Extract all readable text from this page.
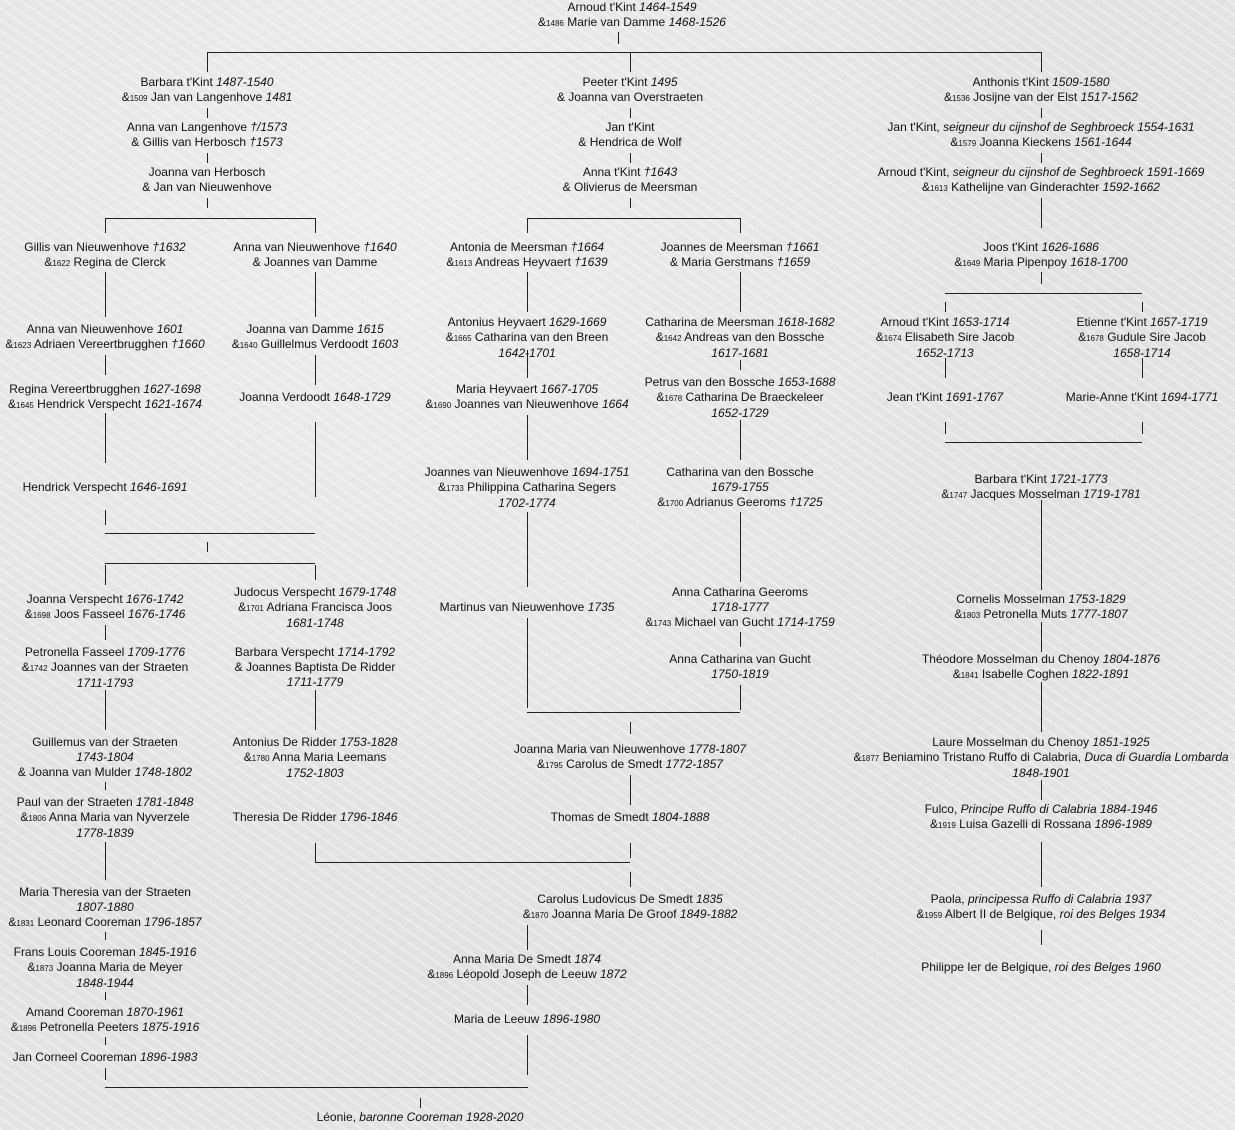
Arnoud t'Kint 1464-1549
&1486 Marie van Damme 1468-1526
Barbara t'Kint 1487-1540
&1509 Jan van Langenhove 1481
Anna van Langenhove †/1573
& Gillis van Herbosch †1573
Joanna van Herbosch
& Jan van Nieuwenhove
Gillis van Nieuwenhove †1632
&1622 Regina de Clerck
Anna van Nieuwenhove †1640
& Joannes van Damme
Anna van Nieuwenhove 1601
&1623 Adriaen Vereertbrugghen †1660
Joanna van Damme 1615
&1640 Guillelmus Verdoodt 1603
Regina Vereertbrugghen 1627-1698
&1645 Hendrick Verspecht 1621-1674	Joanna Verdoodt 1648-1729
Hendrick Verspecht 1646-1691
Joanna Verspecht 1676-1742
&1698 Joos Fasseel 1676-1746
Judocus Verspecht 1679-1748
&1701 Adriana Francisca Joos
1681-1748
Petronella Fasseel 1709-1776
&1742 Joannes van der Straeten
1711-1793
Barbara Verspecht 1714-1792
& Joannes Baptista De Ridder
1711-1779
Guillemus van der Straeten
1743-1804
& Joanna van Mulder 1748-1802
Antonius De Ridder 1753-1828
&1780 Anna Maria Leemans
1752-1803
Paul van der Straeten 1781-1848
&1806 Anna Maria van Nyverzele
1778-1839
Theresia De Ridder 1796-1846
Maria Theresia van der Straeten
1807-1880
&1831 Leonard Cooreman 1796-1857
Frans Louis Cooreman 1845-1916
&1873 Joanna Maria de Meyer
1848-1944
Amand Cooreman 1870-1961
&1896 Petronella Peeters 1875-1916
Jan Corneel Cooreman 1896-1983
Peeter t'Kint 1495
& Joanna van Overstraeten
Jan t'Kint
& Hendrica de Wolf
Anna t'Kint †1643
& Olivierus de Meersman
Antonia de Meersman †1664
&1613 Andreas Heyvaert †1639
Joannes de Meersman †1661
& Maria Gerstmans †1659
Antonius Heyvaert 1629-1669
&1665 Catharina van den Breen
1642-1701
Catharina de Meersman 1618-1682
&1642 Andreas van den Bossche
1617-1681
Maria Heyvaert 1667-1705
&1690 Joannes van Nieuwenhove 1664
Petrus van den Bossche 1653-1688
&1678 Catharina De Braeckeleer
1652-1729
Joannes van Nieuwenhove 1694-1751
&1733 Philippina Catharina Segers
1702-1774
Catharina van den Bossche
1679-1755
&1700 Adrianus Geeroms †1725
Martinus van Nieuwenhove 1735
Anna Catharina Geeroms
1718-1777
&1743 Michael van Gucht 1714-1759
Anna Catharina van Gucht
1750-1819
Joanna Maria van Nieuwenhove 1778-1807
&1795 Carolus de Smedt 1772-1857
Thomas de Smedt 1804-1888
Carolus Ludovicus De Smedt 1835
&1870 Joanna Maria De Groof 1849-1882
Anna Maria De Smedt 1874
&1896 Léopold Joseph de Leeuw 1872
Maria de Leeuw 1896-1980
Léonie, baronne Cooreman 1928-2020
Anthonis t'Kint 1509-1580
&1536 Josijne van der Elst 1517-1562
Jan t'Kint, seigneur du cijnshof de Seghbroeck 1554-1631
&1579 Joanna Kieckens 1561-1644
Arnoud t'Kint, seigneur du cijnshof de Seghbroeck 1591-1669
&1613 Kathelijne van Ginderachter 1592-1662
Joos t'Kint 1626-1686
&1649 Maria Pipenpoy 1618-1700
Arnoud t'Kint 1653-1714
&1674 Elisabeth Sire Jacob
1652-1713
Etienne t'Kint 1657-1719
&1678 Gudule Sire Jacob
1658-1714
Jean t'Kint 1691-1767	Marie-Anne t'Kint 1694-1771
Barbara t'Kint 1721-1773
&1747 Jacques Mosselman 1719-1781
Cornelis Mosselman 1753-1829
&1803 Petronella Muts 1777-1807
Théodore Mosselman du Chenoy 1804-1876
&1841 Isabelle Coghen 1822-1891
Laure Mosselman du Chenoy 1851-1925
&1877 Beniamino Tristano Ruffo di Calabria, Duca di Guardia Lombarda
1848-1901
Fulco, Principe Ruffo di Calabria 1884-1946
&1919 Luisa Gazelli di Rossana 1896-1989
Paola, principessa Ruffo di Calabria 1937
&1959 Albert II de Belgique, roi des Belges 1934
Philippe Ier de Belgique, roi des Belges 1960
